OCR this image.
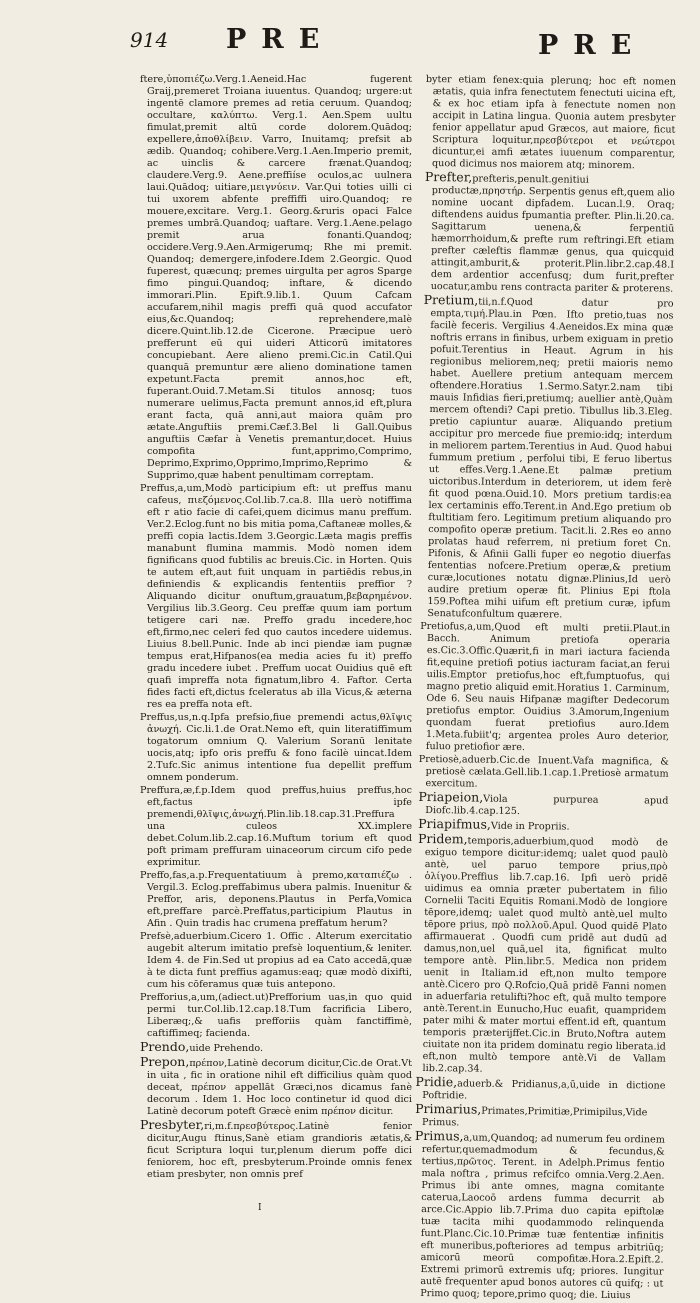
914 PRE	PRE

ftere,ὑποπιέζω.Verg.1.Aeneid.Hac fugerent Graij,premeret Troiana iuuentus. Quandoq; urgere:ut ingentē clamore premes ad retia ceruum. Quandoq; occultare, καλύπτω. Verg.1. Aen.Spem uultu fimulat,premit altū corde dolorem.Quādoq; expellere,ἀποθλίβειν. Varro, Inuitamq; prefsit ab ædib. Quandoq; cohibere.Verg.1.Aen.Imperio premit, ac uinclis & carcere frænat.Quandoq; claudere.Verg.9. Aene.preffiíse oculos,ac uulnera laui.Quādoq; uitiare,μειγνύειν. Var.Qui toties uilli ci tui uxorem abfente preffiffi uiro.Quandoq; re mouere,excitare. Verg.1. Georg.&ruris opaci Falce premes umbrā.Quandoq; uaftare. Verg.1.Aene.pelago premit arua fonanti.Quandoq; occidere.Verg.9.Aen.Armigerumq; Rhe mi premit. Quandoq; demergere,infodere.Idem 2.Georgic. Quod fuperest, quæcunq; premes uirgulta per agros Sparge fimo pingui.Quandoq; inftare, & dicendo immorari.Plin. Epift.9.lib.1. Quum Cafcam accufarem,nihil magis preffi quā quod accufator eius,&c.Quandoq; reprehendere,malè dicere.Quint.lib.12.de Cicerone. Præcipue uerò prefferunt eū qui uideri Atticorū imitatores concupiebant. Aere alieno premi.Cic.in Catil.Qui quanquā premuntur ære alieno dominatione tamen expetunt.Facta premit annos,hoc eft, fuperant.Ouid.7.Metam.Si titulos annosq; tuos numerare uelimus,Facta premunt annos,id eft,plura erant facta, quā anni,aut maiora quām pro ætate.Anguftiis premi.Cæf.3.Bel li Gall.Quibus anguftiis Cæfar à Venetis premantur,docet. Huius compofita funt,apprimo,Comprimo, Deprimo,Exprimo,Opprimo,Imprimo,Reprimo & Supprimo,quæ habent penultimam correptam.

Preffus,a,um,Modò participium eft: ut preffus manu cafeus, πιεζόμενος.Col.lib.7.ca.8. Illa uerò notiffima eft r atio facie di cafei,quem dicimus manu preffum. Ver.2.Eclog.funt no bis mitia poma,Caftaneæ molles,& preffi copia lactis.Idem 3.Georgic.Læta magis preffis manabunt flumina mammis. Modò nomen idem fignificans quod fubtilis ac breuis.Cic. in Horten. Quis te autem eft,aut fuit unquam in partiēdis rebus,in definiendis & explicandis fententiis preffior ? Aliquando dicitur onuftum,grauatum,βεβαρημένον. Vergilius lib.3.Georg. Ceu preffæ quum iam portum tetigere cari næ. Preffo gradu incedere,hoc eft,firmo,nec celeri fed quo cautos incedere uidemus. Liuius 8.bell.Punic. Inde ab inci piendæ iam pugnæ tempus erat,Hifpanos(ea media acies fu it) preffo gradu incedere iubet . Preffum uocat Ouidius quē eft quafi impreffa nota fignatum,libro 4. Faftor. Certa fides facti eft,dictus fceleratus ab illa Vicus,& æterna res ea preffa nota eft.

Preffus,us,n.q.Ipfa prefsio,fiue premendi actus,θλῖψις ἀνωχή. Cic.li.1.de Orat.Nemo eft, quin literatiffimum togatorum omnium Q. Valerium Soranū lenitate uocis,atq; ipfo oris preffu & fono facilè uincat.Idem 2.Tufc.Sic animus intentione fua depellit preffum omnem ponderum.

Preffura,æ,f.p.Idem quod preffus,huius preffus,hoc eft,factus ipfe premendi,θλῖψις,ἀνωχή.Plin.lib.18.cap.31.Preffura una culeos XX.implere debet.Colum.lib.2.cap.16.Muftum torium eft quod poft primam preffuram uinaceorum circum cifo pede exprimitur.

Preffo,fas,a.p.Frequentatiuum à premo,καταπιέζω . Vergil.3. Eclog.preffabimus ubera palmis. Inuenitur & Preffor, aris, deponens.Plautus in Perfa,Vomica eft,preffare parcè.Preffatus,participium Plautus in Afin . Quin tradis hac crumena preffatum herum?

Prefsè,aduerbium.Cicero 1. Offic . Alterum exercitatio augebit alterum imitatio prefsè loquentium,& leniter. Idem 4. de Fin.Sed ut propius ad ea Cato accedā,quæ à te dicta funt preffius agamus:eaq; quæ modò dixifti, cum his cōferamus quæ tuis antepono.

Prefforius,a,um,(adiect.ut)Prefforium uas,in quo quid permi tur.Col.lib.12.cap.18.Tum facrificia Libero, Liberæq;,& uafis prefforiis quàm fanctiffimè, caftiffimeq; facienda.

Prendo,uide Prehendo.

Prepon,πρέπον,Latinè decorum dicitur,Cic.de Orat.Vt in uita , fic in oratione nihil eft difficilius quàm quod deceat, πρέπον appellāt Græci,nos dicamus fanè decorum . Idem 1. Hoc loco continetur id quod dici Latinè decorum poteft Græcè enim πρέπον dicitur.

Presbyter,ri,m.f.πρεσβύτερος.Latinè fenior dicitur,Augu ftinus,Sanè etiam grandioris ætatis,& ficut Scriptura loqui tur,plenum dierum poffe dici feniorem, hoc eft, presbyterum.Proinde omnis fenex etiam presbyter, non omnis pref

byter etiam fenex:quia plerunq; hoc eft nomen ætatis, quia infra fenectutem fenectuti uicina eft, & ex hoc etiam ipfa à fenectute nomen non accipit in Latina lingua. Quonia autem presbyter fenior appellatur apud Græcos, aut maiore, ficut Scriptura loquitur,πρεσβύτεροι et νεώτεροι dicuntur,ei amfi ætates iuuenum comparentur, quod dicimus nos maiorem atq; minorem.

Prefter,prefteris,penult.genitiui productæ,πρηστήρ. Serpentis genus eft,quem alio nomine uocant dipfadem. Lucan.l.9. Oraq; diftendens auidus fpumantia prefter. Plin.li.20.ca. Sagittarum uenena,& ferpentiū hæmorrhoidum,& prefte rum reftringi.Eft etiam prefter cæleftis flammæ genus, qua quicquid attingit,amburit,& proterit.Plin.libr.2.cap.48.I dem ardentior accenfusq; dum furit,prefter uocatur,ambu rens contracta pariter & proterens.

Pretium,tii,n.f.Quod datur pro empta,τιμή.Plau.in Pœn. Ifto pretio,tuas nos facilè feceris. Vergilius 4.Aeneidos.Ex mina quæ noftris errans in finibus, urbem exiguam in pretio pofuit.Terentius in Heaut. Agrum in his regionibus meliorem,neq; pretii maioris nemo habet. Auellere pretium antequam mercem oftendere.Horatius 1.Sermo.Satyr.2.nam tibi mauis Infidias fieri,pretiumq; auellier antè,Quàm mercem oftendi? Capi pretio. Tibullus lib.3.Eleg. pretio capiuntur auaræ. Aliquando pretium accipitur pro mercede fiue premio:idq; interdum in meliorem partem.Terentius in Aud. Quod habui fummum pretium , perfolui tibi, E feruo libertus ut effes.Verg.1.Aene.Et palmæ pretium uictoribus.Interdum in deteriorem, ut idem ferè fit quod pœna.Ouid.10. Mors pretium tardis:ea lex certaminis effo.Terent.in And.Ego pretium ob ftultitiam fero. Legitimum pretium aliquando pro compofito operæ pretium. Tacit.li. 2.Res eo anno prolatas haud referrem, ni pretium foret Cn. Pifonis, & Afinii Galli fuper eo negotio diuerfas fententias nofcere.Pretium operæ,& pretium curæ,locutiones notatu dignæ.Plinius,Id uerò audire pretium operæ fit. Plinius Epi ftola 159.Poftea mihi uifum eft pretium curæ, ipfum Senatufconfultum quærere.

Pretiofus,a,um,Quod eft multi pretii.Plaut.in Bacch. Animum pretiofa operaria es.Cic.3.Offic.Quærit,fi in mari iactura facienda fit,equine pretiofi potius iacturam faciat,an ferui uilis.Emptor pretiofus,hoc eft,fumptuofus, qui magno pretio aliquid emit.Horatius 1. Carminum, Ode 6. Seu nauis Hifpanæ magifter Dedecorum pretiofus emptor. Ouidius 3.Amorum,Ingenium quondam fuerat pretiofius auro.Idem 1.Meta.fubiit'q; argentea proles Auro deterior, fuluo pretiofior ære.

Pretiosè,aduerb.Cic.de Inuent.Vafa magnifica, & pretiosè cælata.Gell.lib.1.cap.1.Pretiosè armatum exercitum.

Priapeion,Viola purpurea apud Diofc.lib.4.cap.125.

Priapifmus,Vide in Propriis.

Pridem,temporis,aduerbium,quod modò de exiguo tempore dicitur:idemq; ualet quod paulò antè, uel paruo tempore prius,πρὸ ὀλίγου.Preffius lib.7.cap.16. Ipfi uerò pridē uidimus ea omnia præter pubertatem in filio Cornelii Taciti Equitis Romani.Modò de longiore tēpore,idemq; ualet quod multò antè,uel multo tēpore prius, πρὸ πολλοῦ.Apul. Quod quidē Plato affirmauerat . Quodfi cum pridē aut dudū ad damus,non,uel quā,uel ita, fignificat multo tempore antè. Plin.libr.5. Medica non pridem uenit in Italiam.id eft,non multo tempore antè.Cicero pro Q.Rofcio,Quā pridē Fanni nomen in aduerfaria retulifti?hoc eft, quā multo tempore antè.Terent.in Eunucho,Huc euafit, quampridem pater mihi & mater mortui effent.id eft, quantum temporis præterijffet.Cic.in Bruto,Noftra autem ciuitate non ita pridem dominatu regio liberata.id eft,non multò tempore antè.Vi de Vallam lib.2.cap.34.

Pridie,aduerb.& Pridianus,a,ū,uide in dictione Poftridie.

Primarius,Primates,Primitiæ,Primipilus,Vide Primus.

Primus,a,um,Quandoq; ad numerum feu ordinem refertur,quemadmodum & fecundus,& tertius,πρῶτος. Terent. in Adelph.Primus fentio mala noftra , primus refcifco omnia.Verg.2.Aen. Primus ibi ante omnes, magna comitante caterua,Laocoō ardens fumma decurrit ab arce.Cic.Appio lib.7.Prima duo capita epiftolæ tuæ tacita mihi quodammodo relinquenda funt.Planc.Cic.10.Primæ tuæ fententiæ infinitis eft muneribus,pofteriores ad tempus arbitriūq; amicorū meorū compofitæ.Hora.2.Epift.2. Extremi primorū extremis ufq; priores. Iungitur autē frequenter apud bonos autores cū quifq; : ut Primo quoq; tepore,primo quoq; die. Liuius

I
